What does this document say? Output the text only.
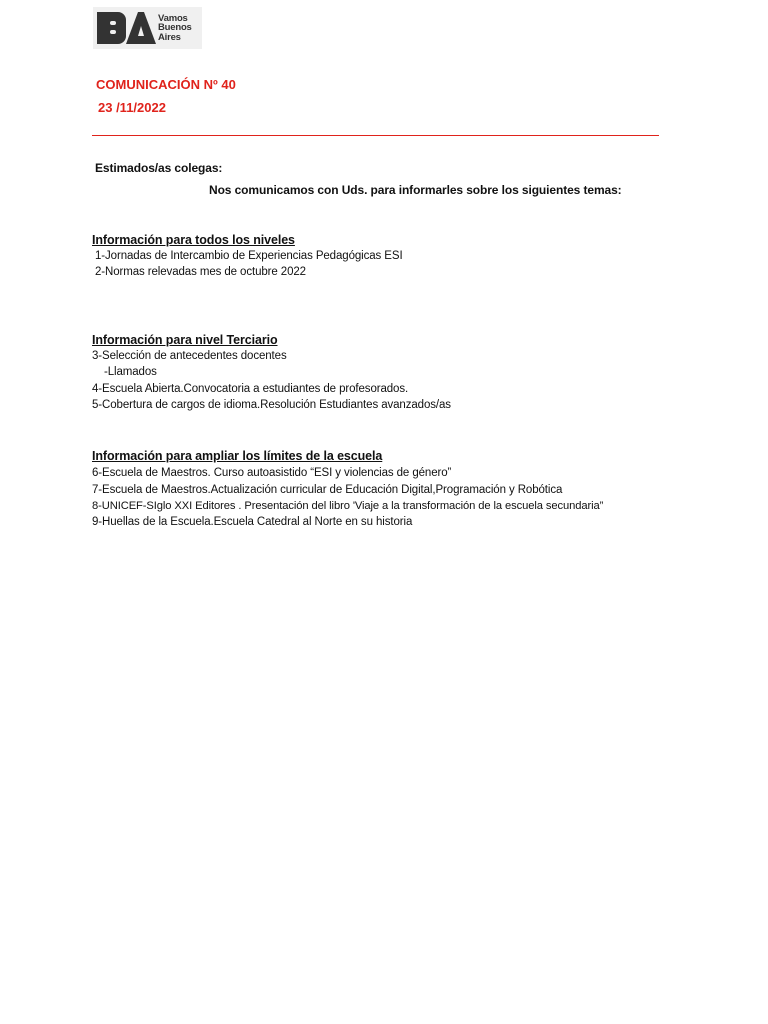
Vamos
Buenos
Aires
COMUNICACIÓN Nº 40
23 /11/2022
Estimados/as colegas:
Nos comunicamos con Uds. para informarles sobre los siguientes temas:
Información para todos los niveles
1-Jornadas de Intercambio de Experiencias Pedagógicas ESI
2-Normas relevadas mes de octubre 2022
Información para nivel Terciario
3-Selección de antecedentes docentes
-Llamados
4-Escuela Abierta.Convocatoria a estudiantes de profesorados.
5-Cobertura de cargos de idioma.Resolución Estudiantes avanzados/as
Información para ampliar los límites de la escuela
6-Escuela de Maestros. Curso autoasistido “ESI y violencias de género”
7-Escuela de Maestros.Actualización curricular de Educación Digital,Programación y Robótica
8-UNICEF-SIglo XXI Editores . Presentación del libro 'Viaje a la transformación de la escuela secundaria”
9-Huellas de la Escuela.Escuela Catedral al Norte en su historia
